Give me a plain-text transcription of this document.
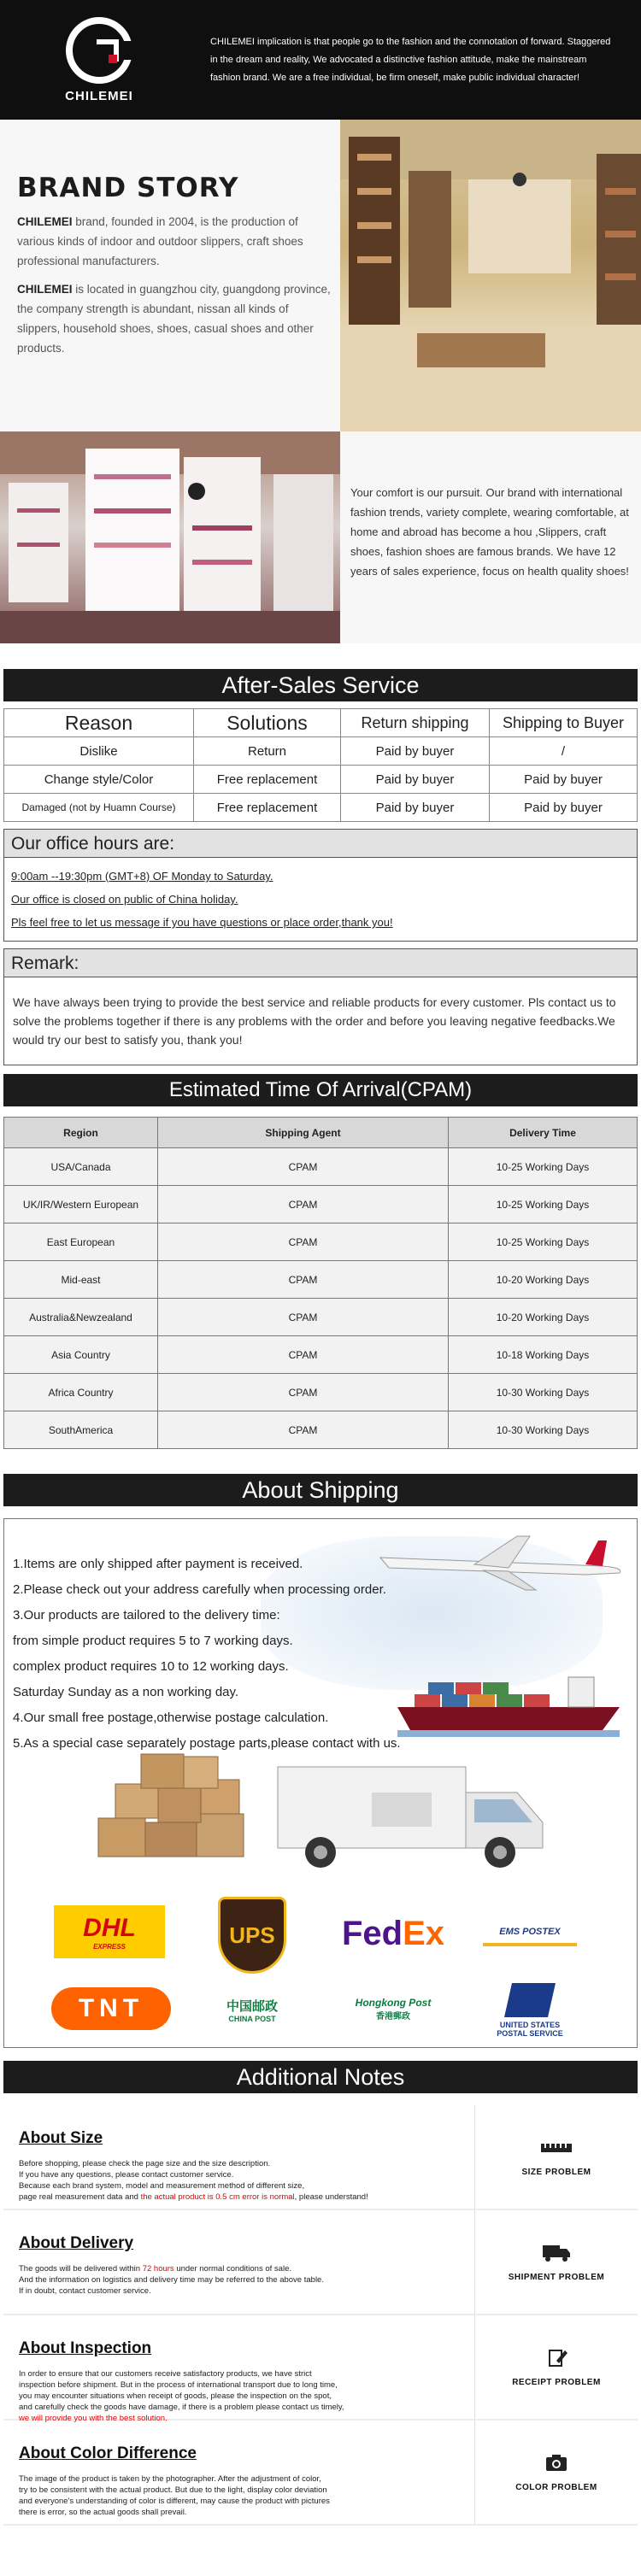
CHILEMEI
CHILEMEI implication is that people go to the fashion and the connotation of forward. Staggered in the dream and reality, We advocated a distinctive fashion attitude, make the mainstream fashion brand. We are a free individual, be firm oneself, make public individual character!
BRAND STORY

CHILEMEI brand, founded in 2004, is the production of various kinds of indoor and outdoor slippers, craft shoes professional manufacturers.

CHILEMEI is located in guangzhou city, guangdong province, the company strength is abundant, nissan all kinds of slippers, household shoes, shoes, casual shoes and other products.

Your comfort is our pursuit. Our brand with international fashion trends, variety complete, wearing comfortable, at home and abroad has become a hou ,Slippers, craft shoes, fashion shoes are famous brands. We have 12 years of sales experience, focus on health quality shoes!
After-Sales Service
Reason	Solutions	Return shipping	Shipping to Buyer
Dislike	Return	Paid by buyer	/
Change style/Color	Free replacement	Paid by buyer	Paid by buyer
Damaged (not by Huamn Course)	Free replacement	Paid by buyer	Paid by buyer
Our office hours are:
9:00am --19:30pm (GMT+8) OF Monday to Saturday.
Our office is closed on public of China holiday.
Pls feel free to let us message if you have questions or place order,thank you!
Remark:
We have always been trying to provide the best service and reliable products for every customer. Pls contact us to solve the problems together if there is any problems with the order and before you leaving negative feedbacks.We would try our best to satisfy you, thank you!
Estimated Time Of Arrival(CPAM)
Region	Shipping Agent	Delivery Time
USA/Canada	CPAM	10-25 Working Days
UK/IR/Western European	CPAM	10-25 Working Days
East European	CPAM	10-25 Working Days
Mid-east	CPAM	10-20 Working Days
Australia&Newzealand	CPAM	10-20 Working Days
Asia Country	CPAM	10-18 Working Days
Africa Country	CPAM	10-30 Working Days
SouthAmerica	CPAM	10-30 Working Days
About Shipping
1.Items are only shipped after payment is received.
2.Please check out your address carefully when processing order.
3.Our products are tailored to the delivery time:
from simple product requires 5 to 7 working days.
complex product requires 10 to 12 working days.
Saturday Sunday as a non working day.
4.Our small free postage,otherwise postage calculation.
5.As a special case separately postage parts,please contact with us.
DHL
EXPRESS	UPS Fed Ex	EMS POSTEX
TNT	中国邮政
CHINA POST
Hongkong Post
香港郵政
UNITED STATES
POSTAL SERVICE
Additional Notes
About Size
Before shopping, please check the page size and the size description.
If you have any questions, please contact customer service.
Because each brand system, model and measurement method of different size,
page real measurement data and the actual product is 0.5 cm error is normal, please understand!
SIZE PROBLEM
About Delivery
The goods will be delivered within 72 hours under normal conditions of sale.
And the information on logistics and delivery time may be referred to the above table.
If in doubt, contact customer service.
SHIPMENT PROBLEM
About Inspection
In order to ensure that our customers receive satisfactory products, we have strict
inspection before shipment. But in the process of international transport due to long time,
you may encounter situations when receipt of goods, please the inspection on the spot,
and carefully check the goods have damage, if there is a problem please contact us timely,
we will provide you with the best solution.
RECEIPT PROBLEM
About Color Difference
The image of the product is taken by the photographer. After the adjustment of color,
try to be consistent with the actual product. But due to the light, display color deviation
and everyone's understanding of color is different, may cause the product with pictures
there is error, so the actual goods shall prevail.
COLOR PROBLEM
